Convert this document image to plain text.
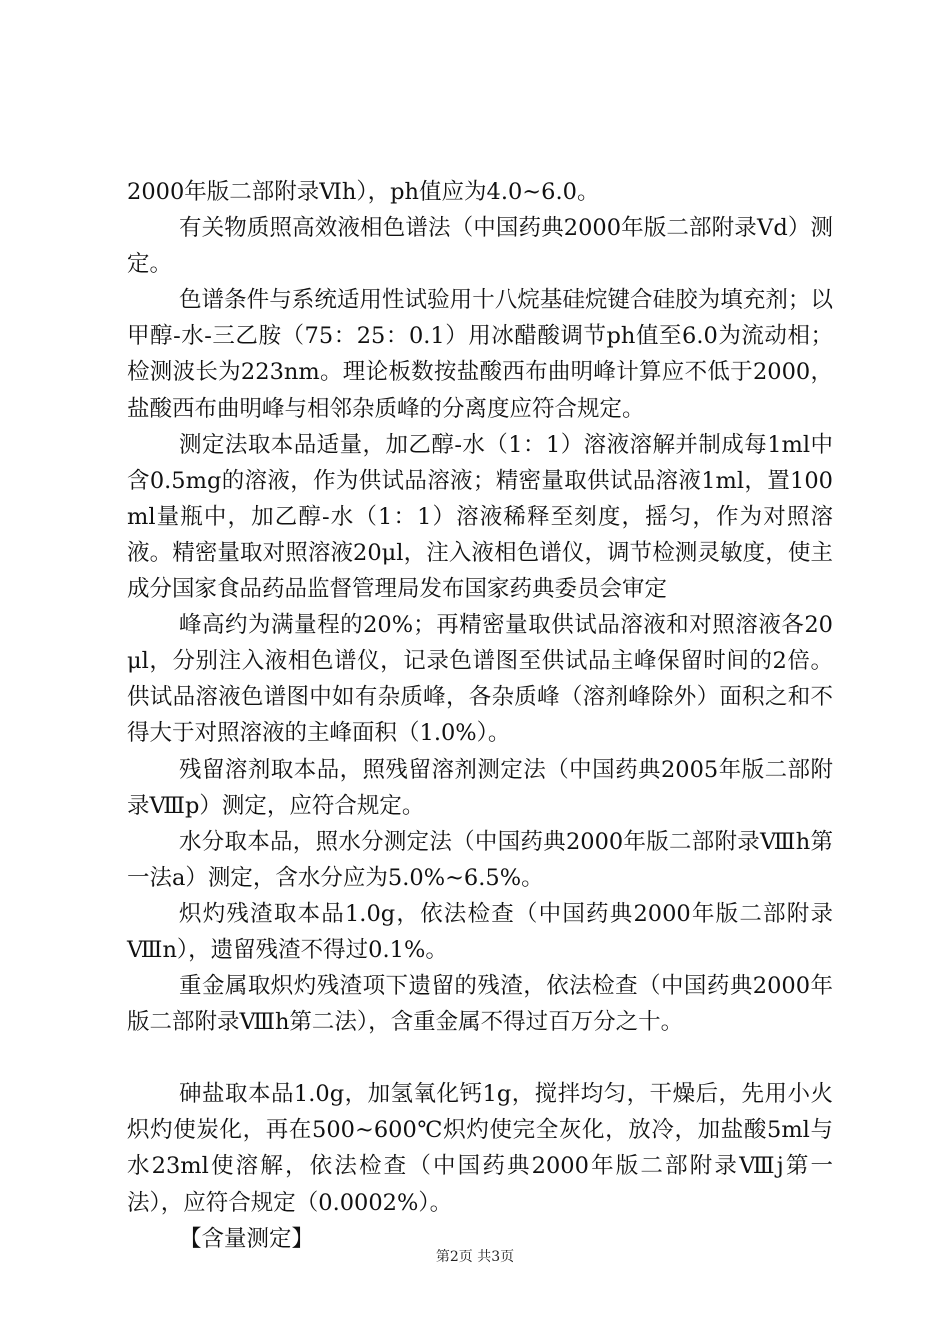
2000年版二部附录Ⅵh），ph值应为4.0~6.0。

有关物质照高效液相色谱法（中国药典2000年版二部附录Ⅴd）测定。

色谱条件与系统适用性试验用十八烷基硅烷键合硅胶为填充剂；以甲醇-水-三乙胺（75：25：0.1）用冰醋酸调节ph值至6.0为流动相；检测波长为223nm。理论板数按盐酸西布曲明峰计算应不低于2000，盐酸西布曲明峰与相邻杂质峰的分离度应符合规定。

测定法取本品适量，加乙醇-水（1：1）溶液溶解并制成每1ml中含0.5mg的溶液，作为供试品溶液；精密量取供试品溶液1ml，置100ml量瓶中，加乙醇-水（1：1）溶液稀释至刻度，摇匀，作为对照溶液。精密量取对照溶液20μl，注入液相色谱仪，调节检测灵敏度，使主成分国家食品药品监督管理局发布国家药典委员会审定

峰高约为满量程的20%；再精密量取供试品溶液和对照溶液各20μl，分别注入液相色谱仪，记录色谱图至供试品主峰保留时间的2倍。供试品溶液色谱图中如有杂质峰，各杂质峰（溶剂峰除外）面积之和不得大于对照溶液的主峰面积（1.0%）。

残留溶剂取本品，照残留溶剂测定法（中国药典2005年版二部附录Ⅷp）测定，应符合规定。

水分取本品，照水分测定法（中国药典2000年版二部附录Ⅷh第一法a）测定，含水分应为5.0%~6.5%。

炽灼残渣取本品1.0g，依法检查（中国药典2000年版二部附录Ⅷn），遗留残渣不得过0.1%。

重金属取炽灼残渣项下遗留的残渣，依法检查（中国药典2000年版二部附录Ⅷh第二法），含重金属不得过百万分之十。

砷盐取本品1.0g，加氢氧化钙1g，搅拌均匀，干燥后，先用小火炽灼使炭化，再在500~600℃炽灼使完全灰化，放冷，加盐酸5ml与水23ml使溶解，依法检查（中国药典2000年版二部附录Ⅷj第一法），应符合规定（0.0002%）。

【含量测定】

第2页 共3页
